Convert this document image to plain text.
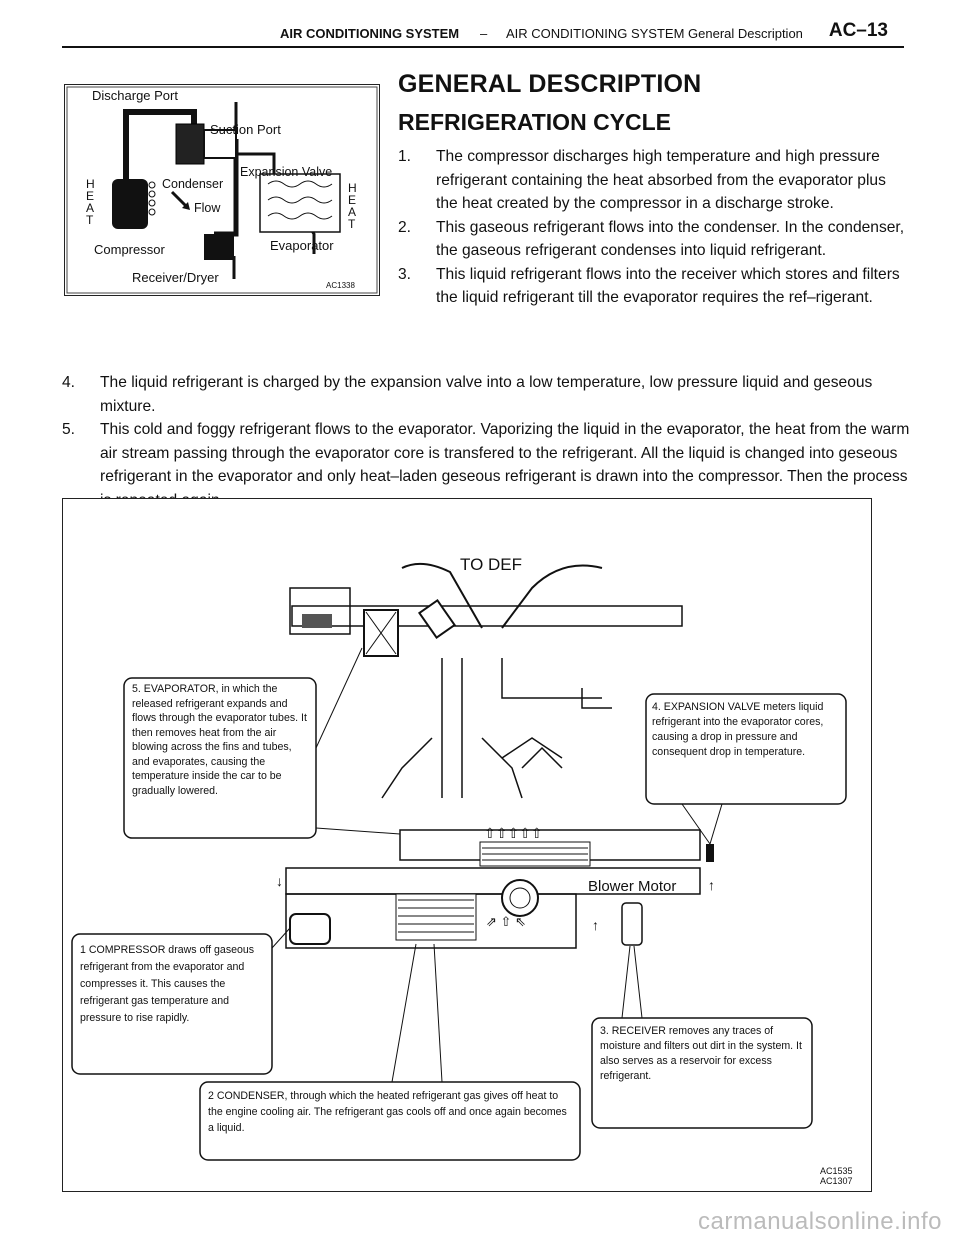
AIR CONDITIONING SYSTEM – AIR CONDITIONING SYSTEM General Description AC–13
Discharge Port
Suction Port
Expansion Valve
Condenser
Flow
Compressor	Evaporator
Receiver/Dryer
H
E
A
T
H
E
A
T
AC1338
GENERAL DESCRIPTION
REFRIGERATION CYCLE
1. The compressor discharges high temperature and high pressure refrigerant containing the heat absorbed from the evaporator plus the heat created by the compressor in a discharge stroke.
2. This gaseous refrigerant flows into the condenser. In the condenser, the gaseous refrigerant condenses into liquid refrigerant.
3. This liquid refrigerant flows into the receiver which stores and filters the liquid refrigerant till the evaporator requires the ref–rigerant.
4. The liquid refrigerant is charged by the expansion valve into a low temperature, low pressure liquid and geseous mixture.
5. This cold and foggy refrigerant flows to the evaporator. Vaporizing the liquid in the evaporator, the heat from the warm air stream passing through the evaporator core is transfered to the refrigerant. All the liquid is changed into geseous refrigerant in the evaporator and only heat–laden geseous refrigerant is drawn into the compressor. Then the process
TO DEF
⇧⇧⇧⇧⇧
Blower Motor
↓	↑
↑
⇗ ⇧ ⇖
5. EVAPORATOR, in which the released refrigerant expands and flows through the evaporator tubes. It then removes heat from the air blowing across the fins and tubes, and evaporates, causing the temperature inside the car to be gradually lowered.
4. EXPANSION VALVE meters liquid refrigerant into the evaporator cores, causing a drop in pressure and consequent drop in temperature.
1 COMPRESSOR draws off gaseous refrigerant from the evaporator and compresses it. This causes the refrigerant gas temperature and pressure to rise rapidly.
3. RECEIVER removes any traces of moisture and filters out dirt in the system. It also serves as a reservoir for excess refrigerant.
2 CONDENSER, through which the heated refrigerant gas gives off heat to the engine cooling air. The refrigerant gas cools off and once again becomes a liquid.
AC1535
AC1307
carmanualsonline.info
